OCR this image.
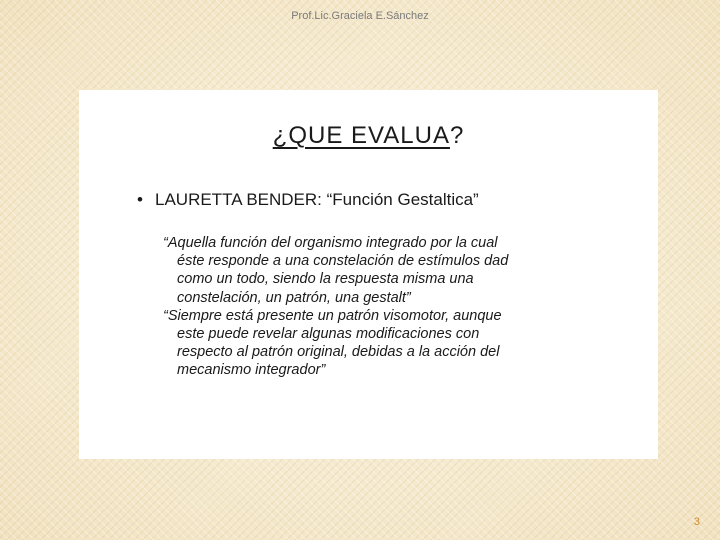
Prof.Lic.Graciela E.Sánchez
¿QUE EVALUA?
• LAURETTA BENDER: “Función Gestaltica”
“Aquella función del organismo integrado por la cual
éste responde a una constelación de estímulos dad
como un todo, siendo la respuesta misma una
constelación, un patrón, una gestalt”
“Siempre está presente un patrón visomotor, aunque
este puede revelar algunas modificaciones con
respecto al patrón original, debidas a la acción del
mecanismo integrador”
3
